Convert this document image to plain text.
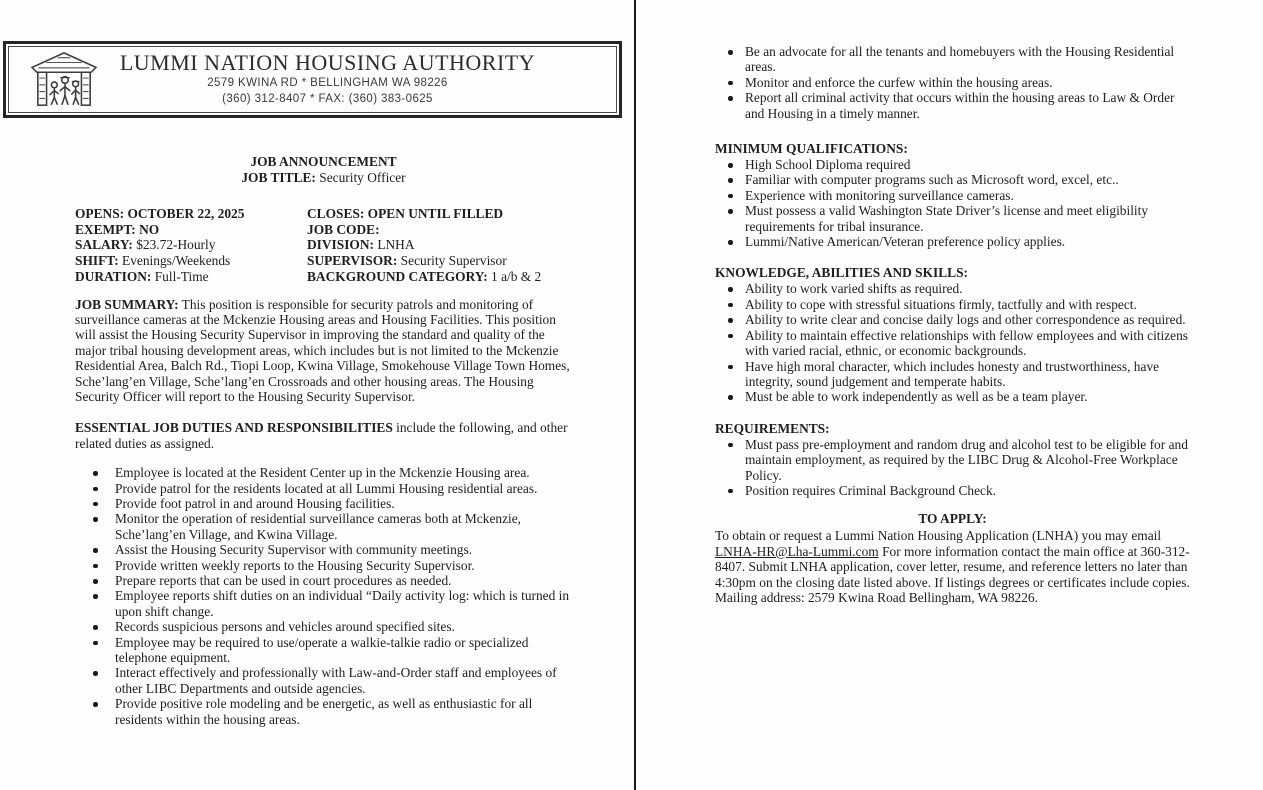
LUMMI NATION HOUSING AUTHORITY
2579 KWINA RD * BELLINGHAM WA 98226
(360) 312-8407 * FAX: (360) 383-0625
JOB ANNOUNCEMENT
JOB TITLE: Security Officer
OPENS: OCTOBER 22, 2025
EXEMPT: NO
SALARY: $23.72-Hourly
SHIFT: Evenings/Weekends
DURATION: Full-Time
CLOSES: OPEN UNTIL FILLED
JOB CODE:
DIVISION: LNHA
SUPERVISOR: Security Supervisor
BACKGROUND CATEGORY: 1 a/b & 2

JOB SUMMARY: This position is responsible for security patrols and monitoring of surveillance cameras at the Mckenzie Housing areas and Housing Facilities. This position will assist the Housing Security Supervisor in improving the standard and quality of the major tribal housing development areas, which includes but is not limited to the Mckenzie Residential Area, Balch Rd., Tiopi Loop, Kwina Village, Smokehouse Village Town Homes, Sche’lang’en Village, Sche’lang’en Crossroads and other housing areas. The Housing Security Officer will report to the Housing Security Supervisor.

ESSENTIAL JOB DUTIES AND RESPONSIBILITIES include the following, and other related duties as assigned.

Employee is located at the Resident Center up in the Mckenzie Housing area.
Provide patrol for the residents located at all Lummi Housing residential areas.
Provide foot patrol in and around Housing facilities.
Monitor the operation of residential surveillance cameras both at Mckenzie, Sche’lang’en Village, and Kwina Village.
Assist the Housing Security Supervisor with community meetings.
Provide written weekly reports to the Housing Security Supervisor.
Prepare reports that can be used in court procedures as needed.
Employee reports shift duties on an individual “Daily activity log: which is turned in upon shift change.
Records suspicious persons and vehicles around specified sites.
Employee may be required to use/operate a walkie-talkie radio or specialized telephone equipment.
Interact effectively and professionally with Law-and-Order staff and employees of other LIBC Departments and outside agencies.
Provide positive role modeling and be energetic, as well as enthusiastic for all residents within the housing areas.
Be an advocate for all the tenants and homebuyers with the Housing Residential areas.
Monitor and enforce the curfew within the housing areas.
Report all criminal activity that occurs within the housing areas to Law & Order and Housing in a timely manner.
MINIMUM QUALIFICATIONS:
High School Diploma required
Familiar with computer programs such as Microsoft word, excel, etc..
Experience with monitoring surveillance cameras.
Must possess a valid Washington State Driver’s license and meet eligibility requirements for tribal insurance.
Lummi/Native American/Veteran preference policy applies.
KNOWLEDGE, ABILITIES AND SKILLS:
Ability to work varied shifts as required.
Ability to cope with stressful situations firmly, tactfully and with respect.
Ability to write clear and concise daily logs and other correspondence as required.
Ability to maintain effective relationships with fellow employees and with citizens with varied racial, ethnic, or economic backgrounds.
Have high moral character, which includes honesty and trustworthiness, have integrity, sound judgement and temperate habits.
Must be able to work independently as well as be a team player.
REQUIREMENTS:
Must pass pre-employment and random drug and alcohol test to be eligible for and maintain employment, as required by the LIBC Drug & Alcohol-Free Workplace Policy.
Position requires Criminal Background Check.
TO APPLY:

To obtain or request a Lummi Nation Housing Application (LNHA) you may email LNHA-HR@Lha-Lummi.com For more information contact the main office at 360-312-8407. Submit LNHA application, cover letter, resume, and reference letters no later than 4:30pm on the closing date listed above. If listings degrees or certificates include copies. Mailing address: 2579 Kwina Road Bellingham, WA 98226.
